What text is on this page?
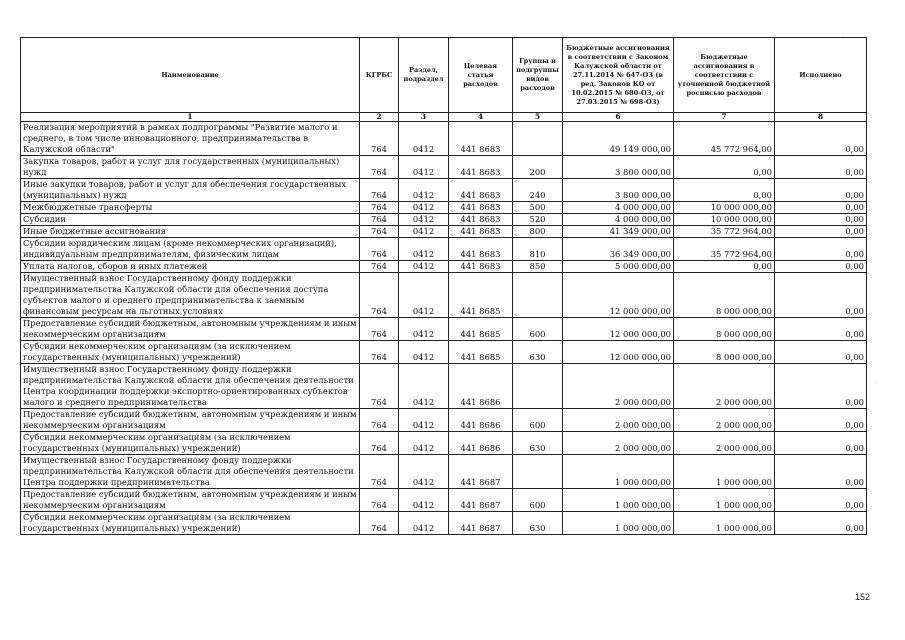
Наименование	КГРБС	Раздел, подраздел	Целевая статья расходов	Группы и подгруппы видов расходов	Бюджетные ассигнования в соответствии с Законом Калужской области от 27.11.2014 № 647-ОЗ (в ред. Законов КО от 10.02.2015 № 680-ОЗ, от 27.03.2015 № 698-ОЗ)	Бюджетные ассигнования в соответствии с уточненной бюджетной росписью расходов	Исполнено
1	2	3	4	5	6	7	8
Реализация мероприятий в рамках подпрограммы "Развитие малого и среднего, в том числе инновационного, предпринимательства в Калужской области"	764	0412	441 8683		49 149 000,00	45 772 964,00	0,00
Закупка товаров, работ и услуг для государственных (муниципальных) нужд	764	0412	441 8683	200	3 800 000,00	0,00	0,00
Иные закупки товаров, работ и услуг для обеспечения государственных (муниципальных) нужд	764	0412	441 8683	240	3 800 000,00	0,00	0,00
Межбюджетные трансферты	764	0412	441 8683	500	4 000 000,00	10 000 000,00	0,00
Субсидии	764	0412	441 8683	520	4 000 000,00	10 000 000,00	0,00
Иные бюджетные ассигнования	764	0412	441 8683	800	41 349 000,00	35 772 964,00	0,00
Субсидии юридическим лицам (кроме некоммерческих организаций), индивидуальным предпринимателям, физическим лицам	764	0412	441 8683	810	36 349 000,00	35 772 964,00	0,00
Уплата налогов, сборов и иных платежей	764	0412	441 8683	850	5 000 000,00	0,00	0,00
Имущественный взнос Государственному фонду поддержки предпринимательства Калужской области для обеспечения доступа субъектов малого и среднего предпринимательства к заемным финансовым ресурсам на льготных условиях	764	0412	441 8685		12 000 000,00	8 000 000,00	0,00
Предоставление субсидий бюджетным, автономным учреждениям и иным некоммерческим организациям	764	0412	441 8685	600	12 000 000,00	8 000 000,00	0,00
Субсидии некоммерческим организациям (за исключением государственных (муниципальных) учреждений)	764	0412	441 8685	630	12 000 000,00	8 000 000,00	0,00
Имущественный взнос Государственному фонду поддержки предпринимательства Калужской области для обеспечения деятельности Центра координации поддержки экспортно-ориентированных субъектов малого и среднего предпринимательства	764	0412	441 8686		2 000 000,00	2 000 000,00	0,00
Предоставление субсидий бюджетным, автономным учреждениям и иным некоммерческим организациям	764	0412	441 8686	600	2 000 000,00	2 000 000,00	0,00
Субсидии некоммерческим организациям (за исключением государственных (муниципальных) учреждений)	764	0412	441 8686	630	2 000 000,00	2 000 000,00	0,00
Имущественный взнос Государственному фонду поддержки предпринимательства Калужской области для обеспечения деятельности Центра поддержки предпринимательства	764	0412	441 8687		1 000 000,00	1 000 000,00	0,00
Предоставление субсидий бюджетным, автономным учреждениям и иным некоммерческим организациям	764	0412	441 8687	600	1 000 000,00	1 000 000,00	0,00
Субсидии некоммерческим организациям (за исключением государственных (муниципальных) учреждений)	764	0412	441 8687	630	1 000 000,00	1 000 000,00	0,00
152
·
·
